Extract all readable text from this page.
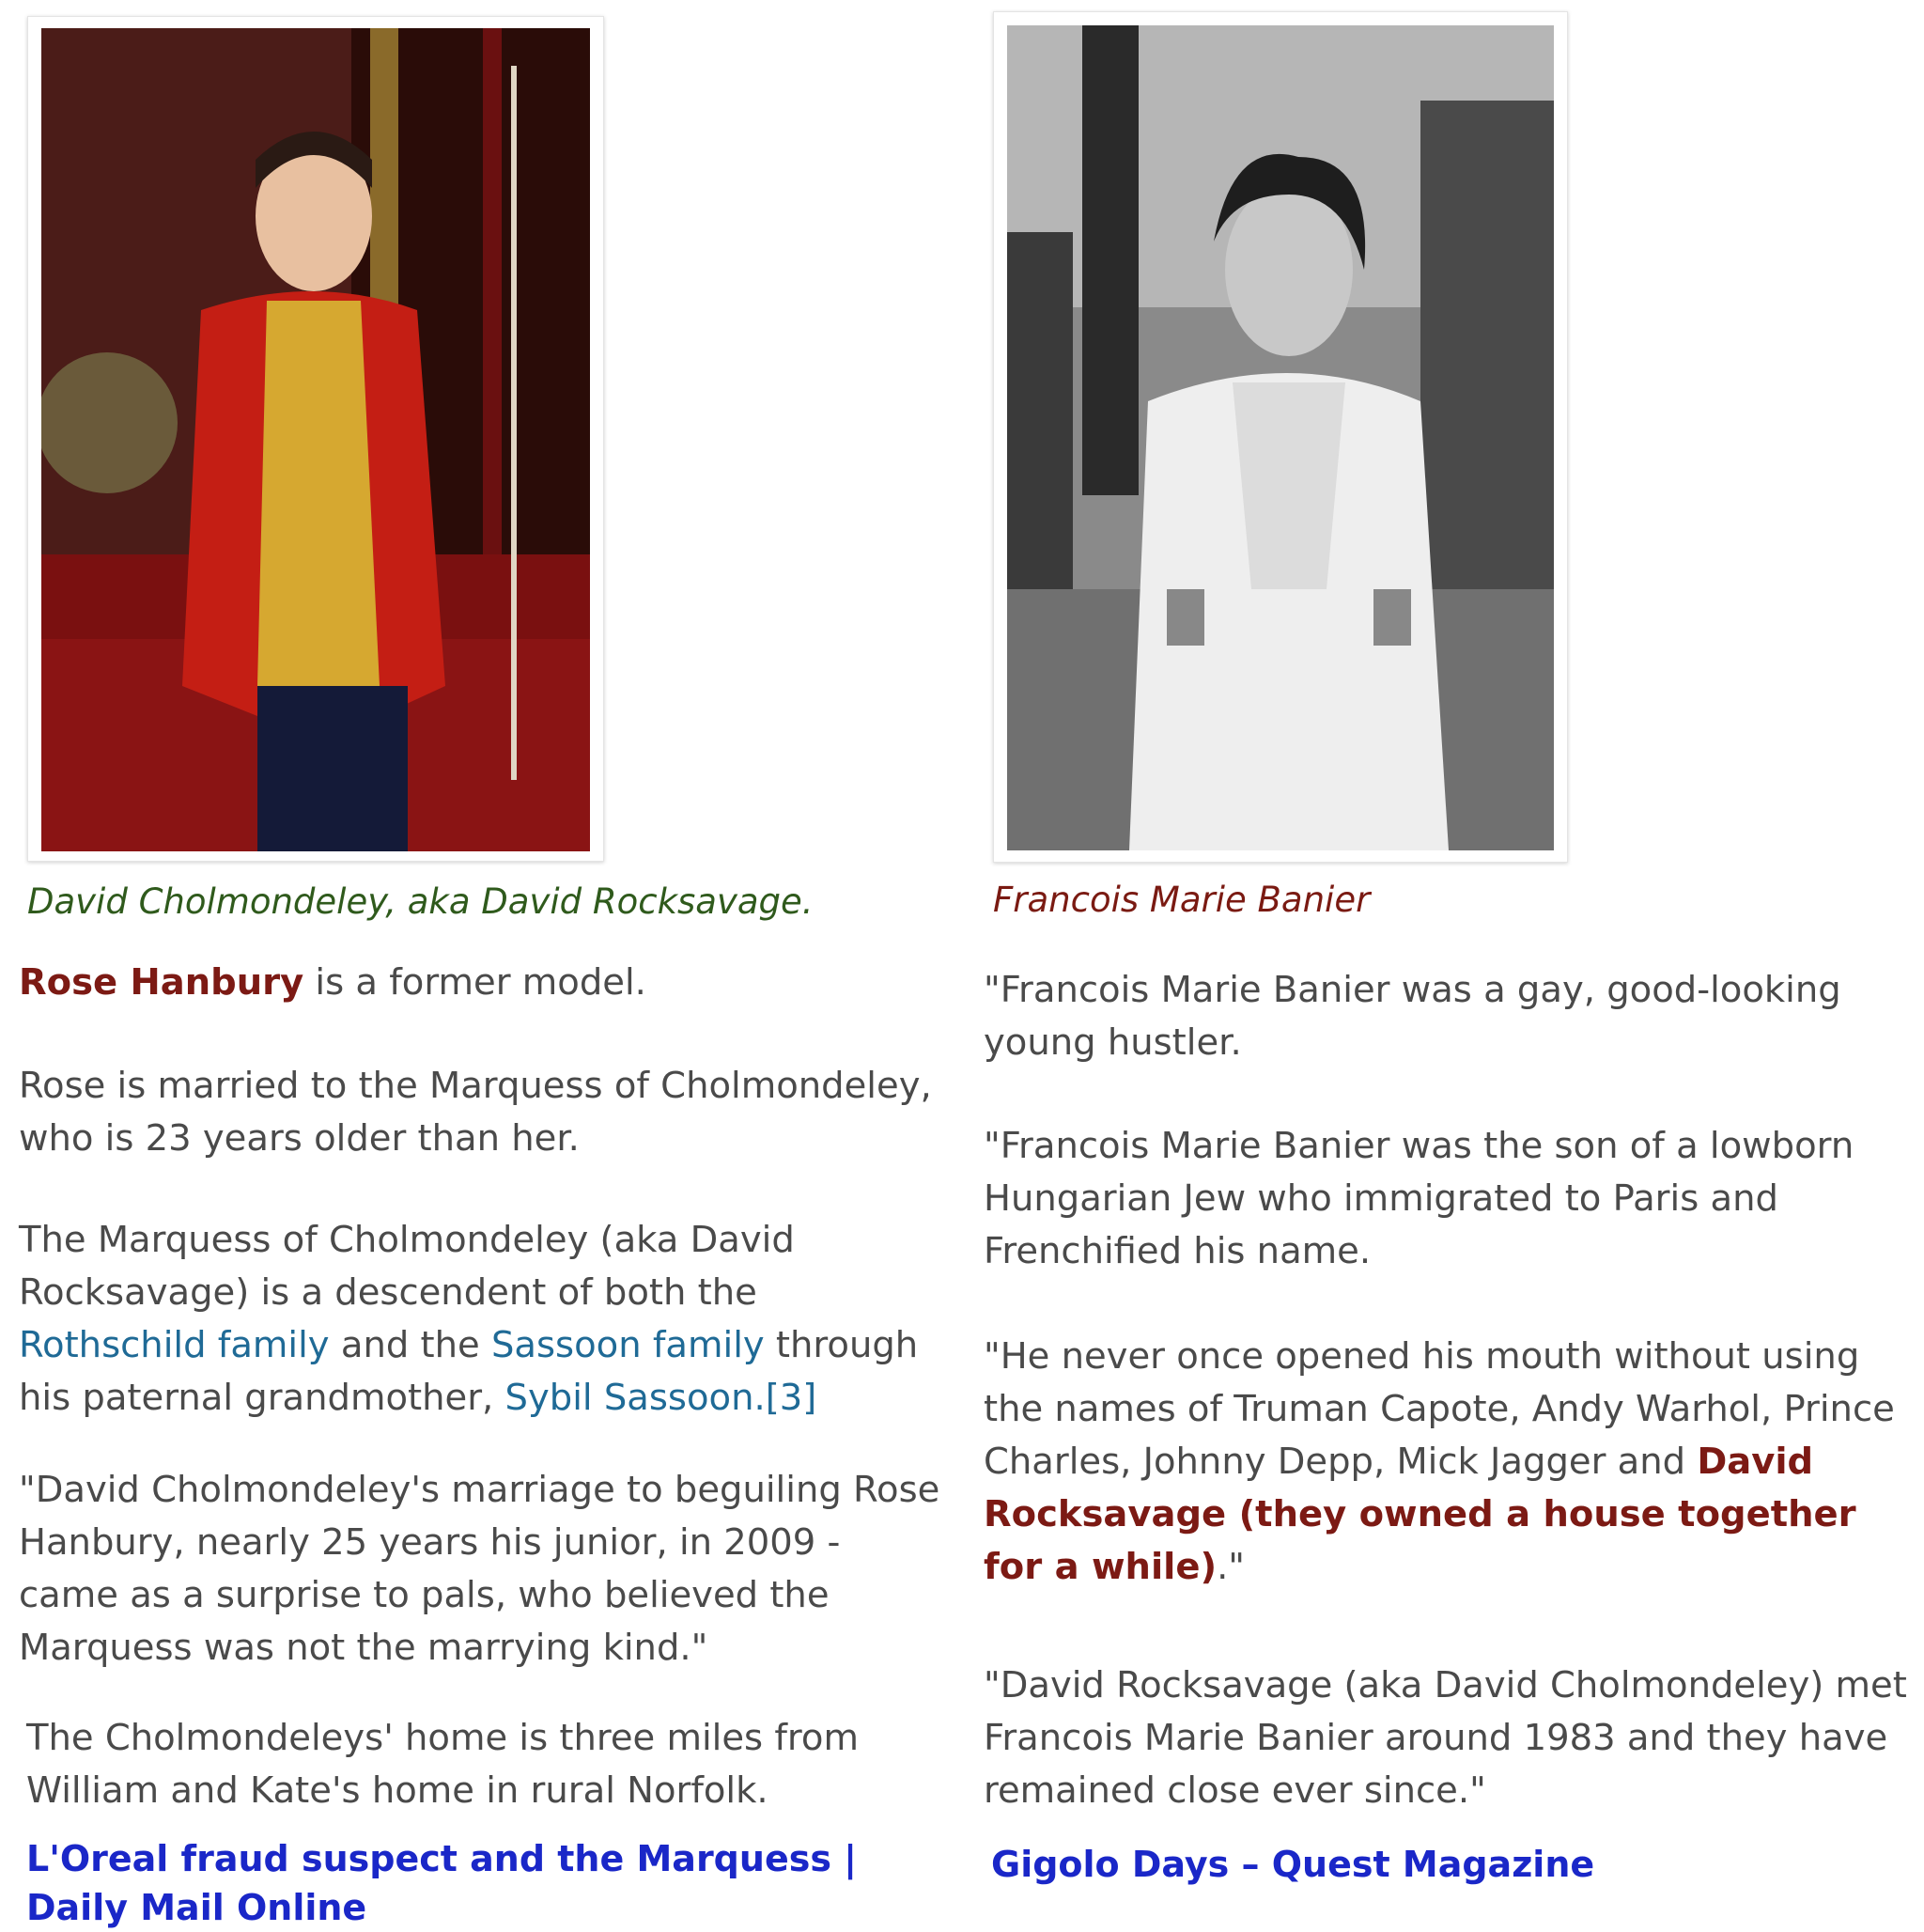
David Cholmondeley, aka David Rocksavage.

Rose Hanbury is a former model.

Rose is married to the Marquess of Cholmondeley, who is 23 years older than her.

The Marquess of Cholmondeley (aka David Rocksavage) is a descendent of both the Rothschild family and the Sassoon family through his paternal grandmother, Sybil Sassoon.[3]

"David Cholmondeley's marriage to beguiling Rose Hanbury, nearly 25 years his junior, in 2009 - came as a surprise to pals, who believed the Marquess was not the marrying kind."

The Cholmondeleys' home is three miles from William and Kate's home in rural Norfolk.

L'Oreal fraud suspect and the Marquess | Daily Mail Online

Francois Marie Banier

"Francois Marie Banier was a gay, good-looking young hustler.

"Francois Marie Banier was the son of a lowborn Hungarian Jew who immigrated to Paris and Frenchified his name.

"He never once opened his mouth without using the names of Truman Capote, Andy Warhol, Prince Charles, Johnny Depp, Mick Jagger and David Rocksavage (they owned a house together for a while)."

"David Rocksavage (aka David Cholmondeley) met Francois Marie Banier around 1983 and they have remained close ever since."

Gigolo Days – Quest Magazine
